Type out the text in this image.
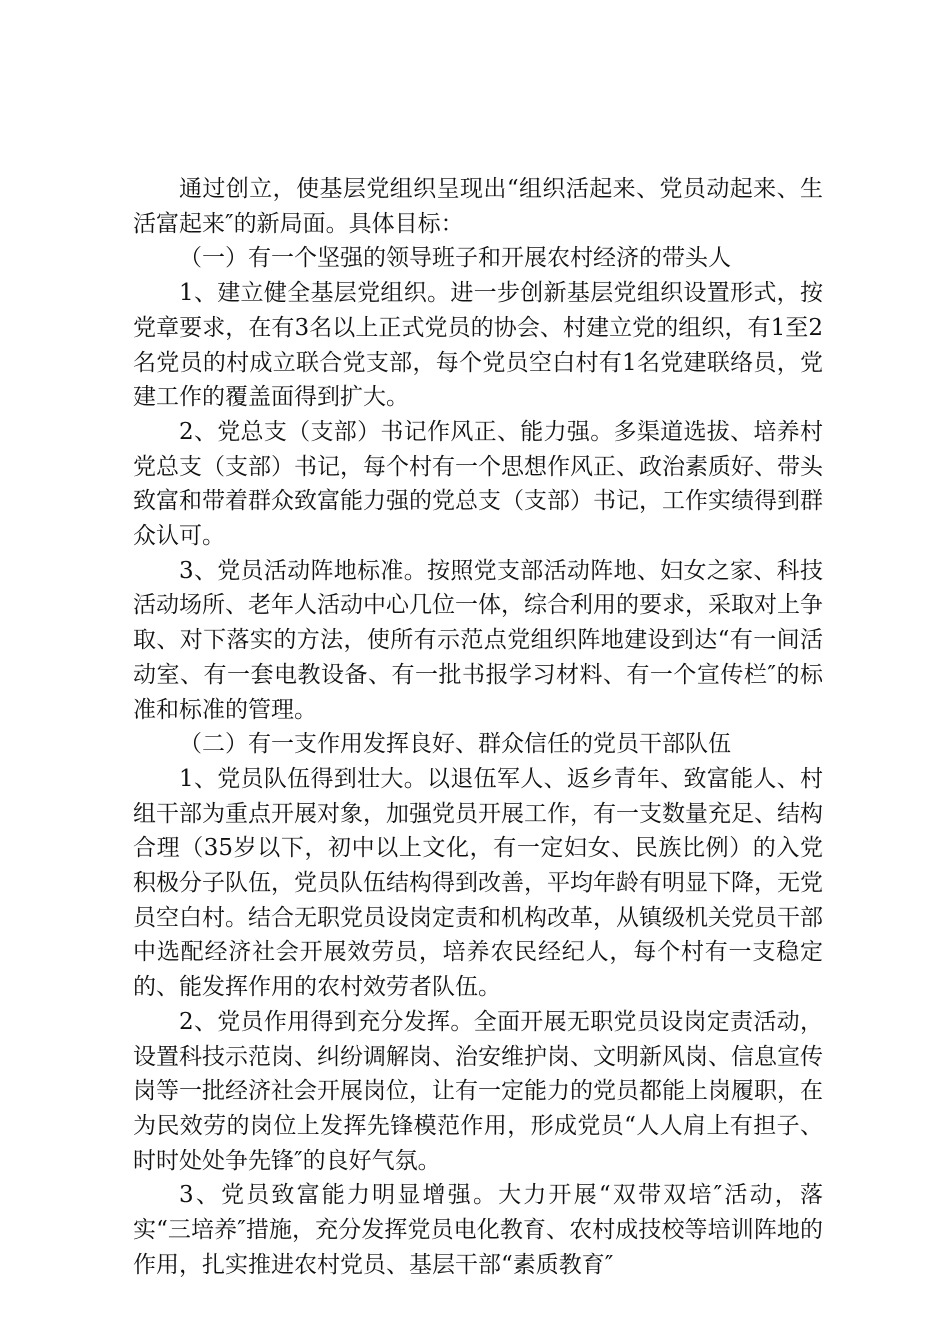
通过创立，使基层党组织呈现出“组织活起来、党员动起来、生活富起来″的新局面。具体目标：

（一）有一个坚强的领导班子和开展农村经济的带头人

1、建立健全基层党组织。进一步创新基层党组织设置形式，按党章要求，在有3名以上正式党员的协会、村建立党的组织，有1至2名党员的村成立联合党支部，每个党员空白村有1名党建联络员，党建工作的覆盖面得到扩大。

2、党总支（支部）书记作风正、能力强。多渠道选拔、培养村党总支（支部）书记，每个村有一个思想作风正、政治素质好、带头致富和带着群众致富能力强的党总支（支部）书记，工作实绩得到群众认可。

3、党员活动阵地标准。按照党支部活动阵地、妇女之家、科技活动场所、老年人活动中心几位一体，综合利用的要求，采取对上争取、对下落实的方法，使所有示范点党组织阵地建设到达“有一间活动室、有一套电教设备、有一批书报学习材料、有一个宣传栏″的标准和标准的管理。

（二）有一支作用发挥良好、群众信任的党员干部队伍

1、党员队伍得到壮大。以退伍军人、返乡青年、致富能人、村组干部为重点开展对象，加强党员开展工作，有一支数量充足、结构合理（35岁以下，初中以上文化，有一定妇女、民族比例）的入党积极分子队伍，党员队伍结构得到改善，平均年龄有明显下降，无党员空白村。结合无职党员设岗定责和机构改革，从镇级机关党员干部中选配经济社会开展效劳员，培养农民经纪人，每个村有一支稳定的、能发挥作用的农村效劳者队伍。

2、党员作用得到充分发挥。全面开展无职党员设岗定责活动，设置科技示范岗、纠纷调解岗、治安维护岗、文明新风岗、信息宣传岗等一批经济社会开展岗位，让有一定能力的党员都能上岗履职，在为民效劳的岗位上发挥先锋模范作用，形成党员“人人肩上有担子、时时处处争先锋″的良好气氛。

3、党员致富能力明显增强。大力开展“双带双培″活动，落实“三培养″措施，充分发挥党员电化教育、农村成技校等培训阵地的作用，扎实推进农村党员、基层干部“素质教育″
